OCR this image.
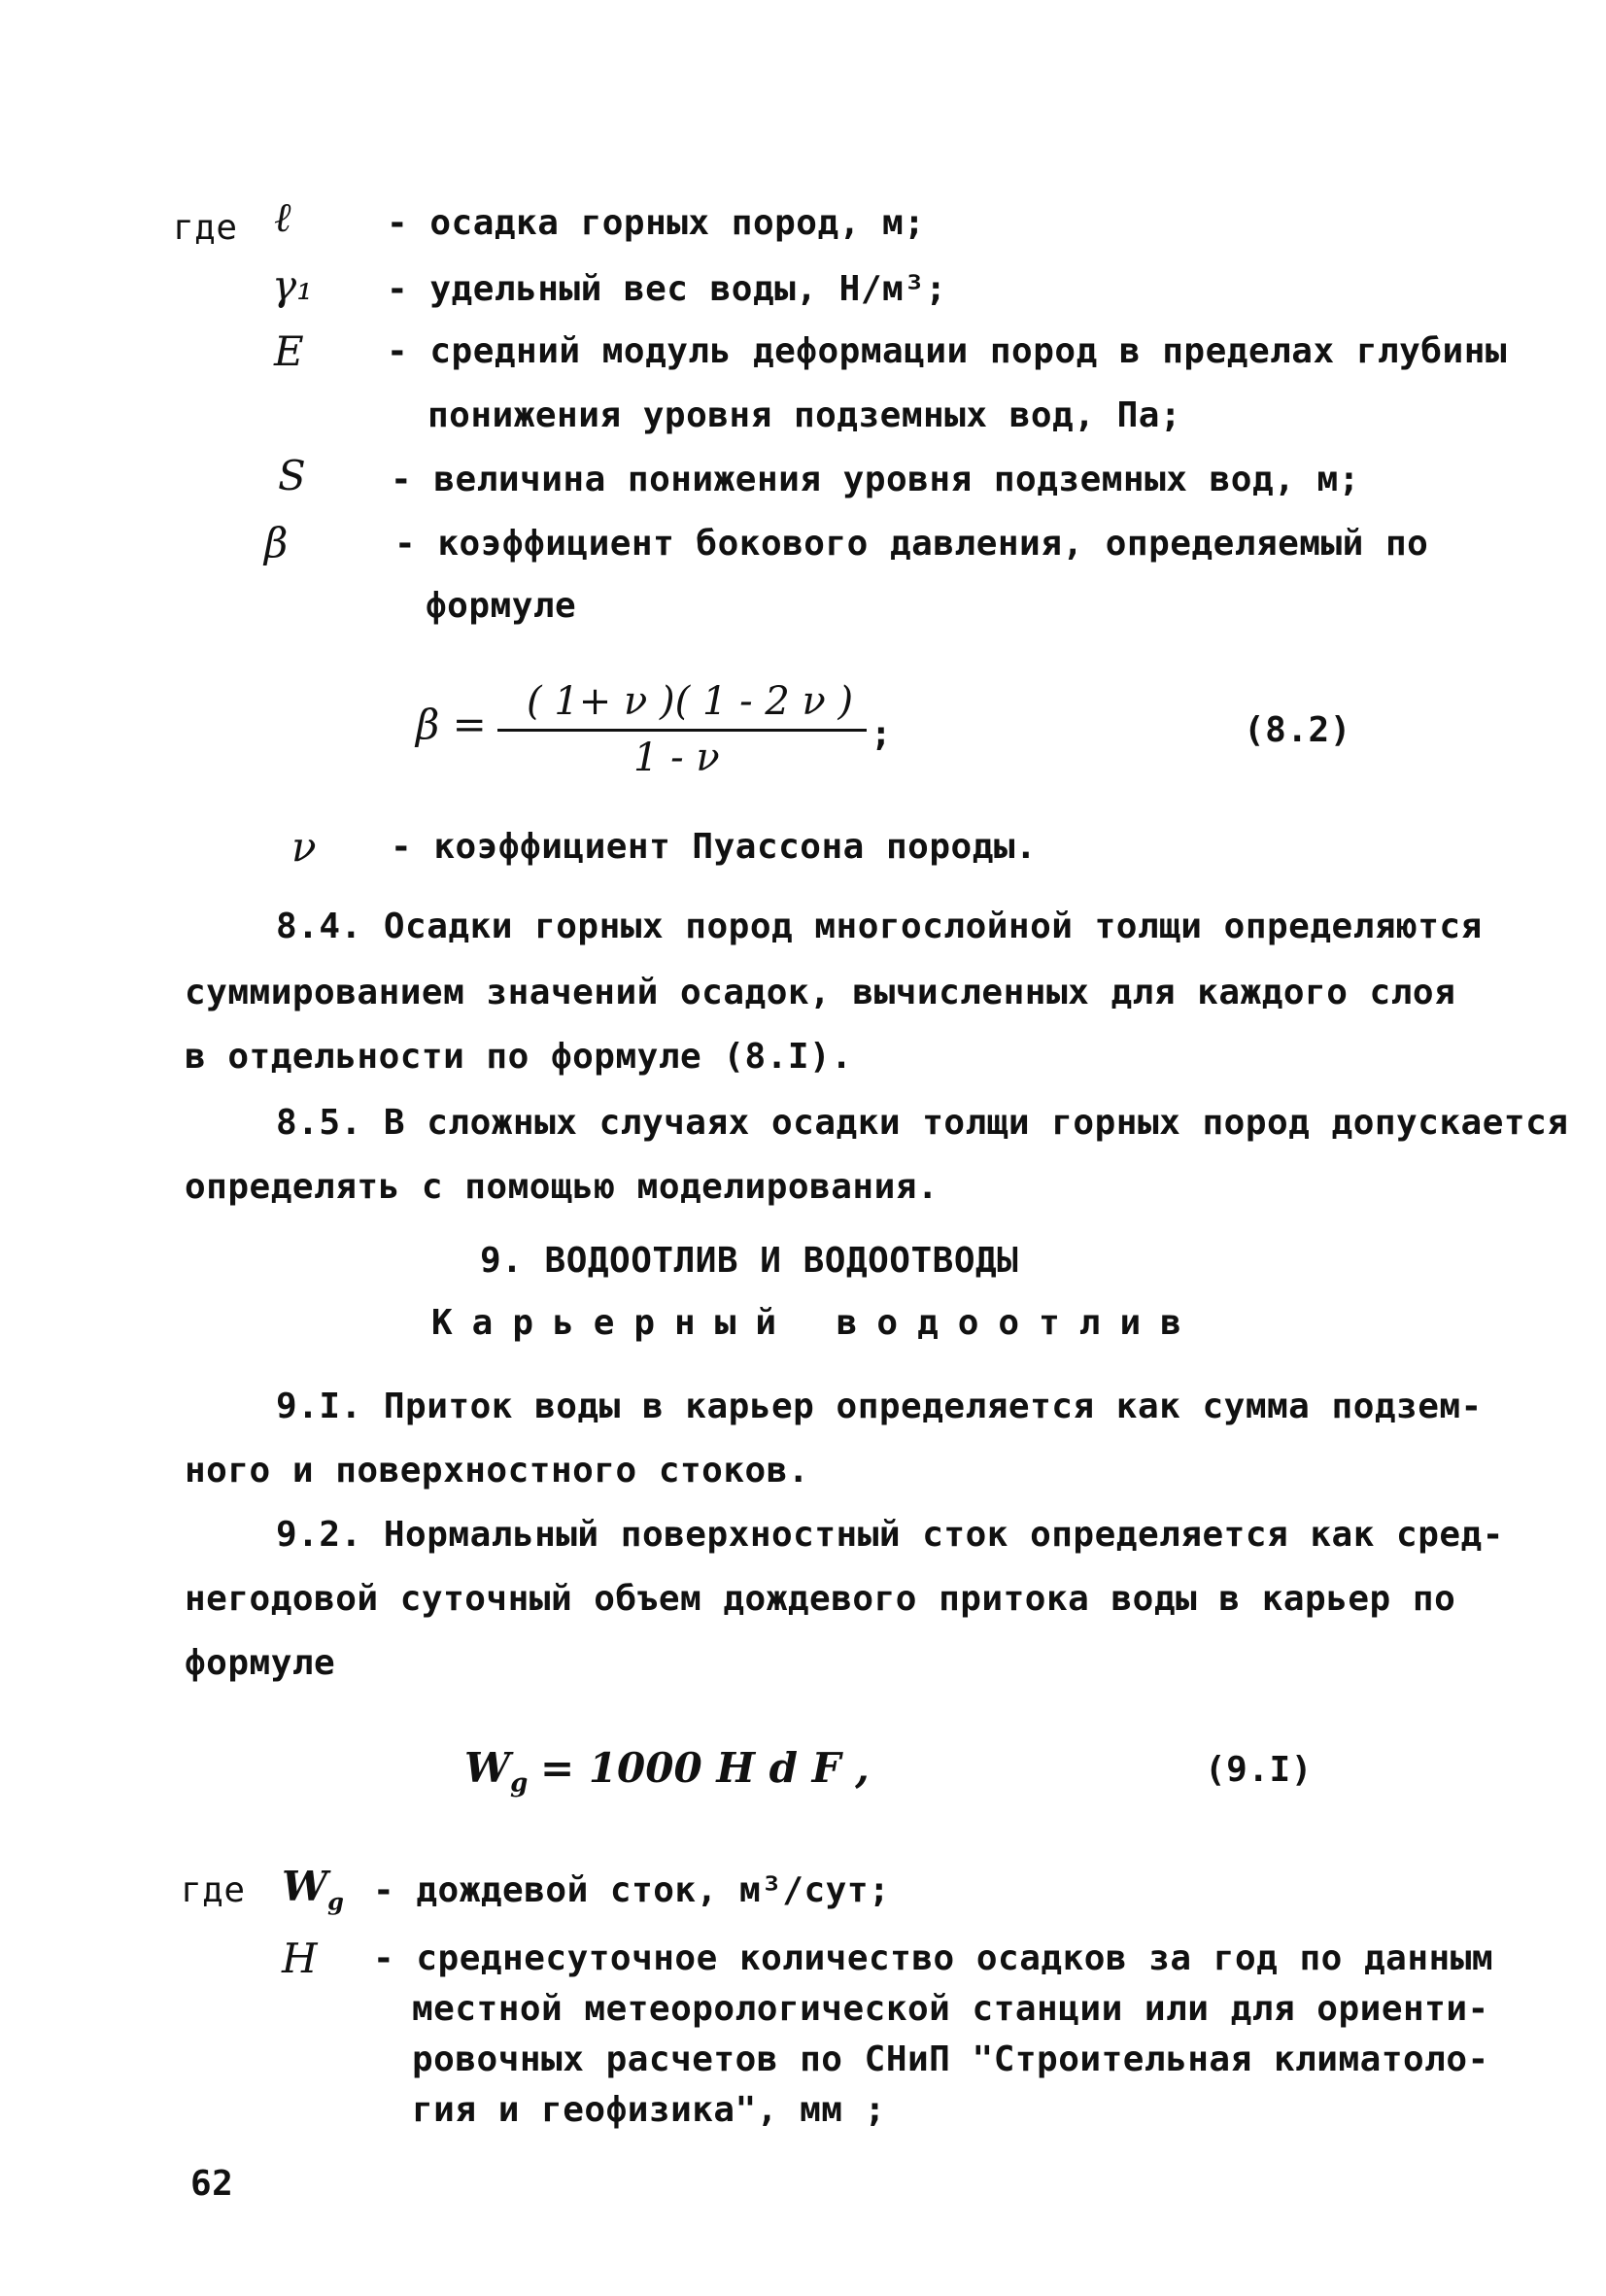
где ℓ	- осадка горных пород, м;
γ₁ - удельный вес воды, Н/м³;
E - средний модуль деформации пород в пределах глубины
понижения уровня подземных вод, Па;
S - величина понижения уровня подземных вод, м;
β	- коэффициент бокового давления, определяемый по
формуле
β = ( 1+ ν )( 1 - 2 ν )
1 - ν
;	(8.2)
ν - коэффициент Пуассона породы.
8.4. Осадки горных пород многослойной толщи определяются
суммированием значений осадок, вычисленных для каждого слоя
в отдельности по формуле (8.I).
8.5. В сложных случаях осадки толщи горных пород допускается
определять с помощью моделирования.
9. ВОДООТЛИВ И ВОДООТВОДЫ
Карьерный водоотлив
9.I. Приток воды в карьер определяется как сумма подзем-
ного и поверхностного стоков.
9.2. Нормальный поверхностный сток определяется как сред-
негодовой суточный объем дождевого притока воды в карьер по
формуле
$W_g = 1000$ H d F ,	(9.I)
где $W_g$ - дождевой сток, м³/сут;
H - среднесуточное количество осадков за год по данным
местной метеорологической станции или для ориенти-
ровочных расчетов по СНиП "Строительная климатоло-
гия и геофизика", мм ;
62
